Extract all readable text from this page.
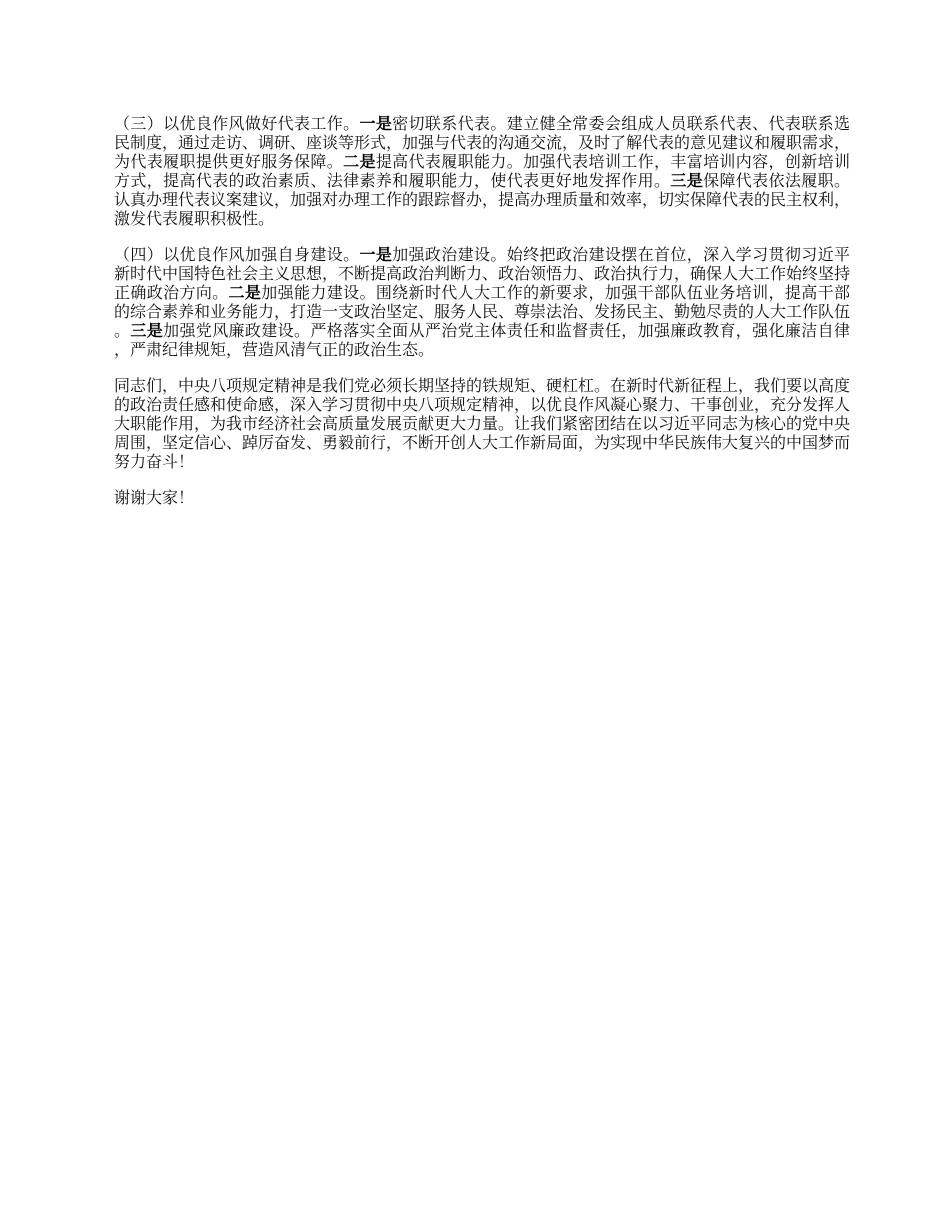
（三）以优良作风做好代表工作。一是密切联系代表。建立健全常委会组成人员联系代表、代表联系选民制度，通过走访、调研、座谈等形式，加强与代表的沟通交流，及时了解代表的意见建议和履职需求，为代表履职提供更好服务保障。二是提高代表履职能力。加强代表培训工作，丰富培训内容，创新培训方式，提高代表的政治素质、法律素养和履职能力，使代表更好地发挥作用。三是保障代表依法履职。认真办理代表议案建议，加强对办理工作的跟踪督办，提高办理质量和效率，切实保障代表的民主权利，激发代表履职积极性。

（四）以优良作风加强自身建设。一是加强政治建设。始终把政治建设摆在首位，深入学习贯彻习近平新时代中国特色社会主义思想，不断提高政治判断力、政治领悟力、政治执行力，确保人大工作始终坚持正确政治方向。二是加强能力建设。围绕新时代人大工作的新要求，加强干部队伍业务培训，提高干部的综合素养和业务能力，打造一支政治坚定、服务人民、尊崇法治、发扬民主、勤勉尽责的人大工作队伍。三是加强党风廉政建设。严格落实全面从严治党主体责任和监督责任，加强廉政教育，强化廉洁自律，严肃纪律规矩，营造风清气正的政治生态。

同志们，中央八项规定精神是我们党必须长期坚持的铁规矩、硬杠杠。在新时代新征程上，我们要以高度的政治责任感和使命感，深入学习贯彻中央八项规定精神，以优良作风凝心聚力、干事创业，充分发挥人大职能作用，为我市经济社会高质量发展贡献更大力量。让我们紧密团结在以习近平同志为核心的党中央周围，坚定信心、踔厉奋发、勇毅前行，不断开创人大工作新局面，为实现中华民族伟大复兴的中国梦而努力奋斗！

谢谢大家！
